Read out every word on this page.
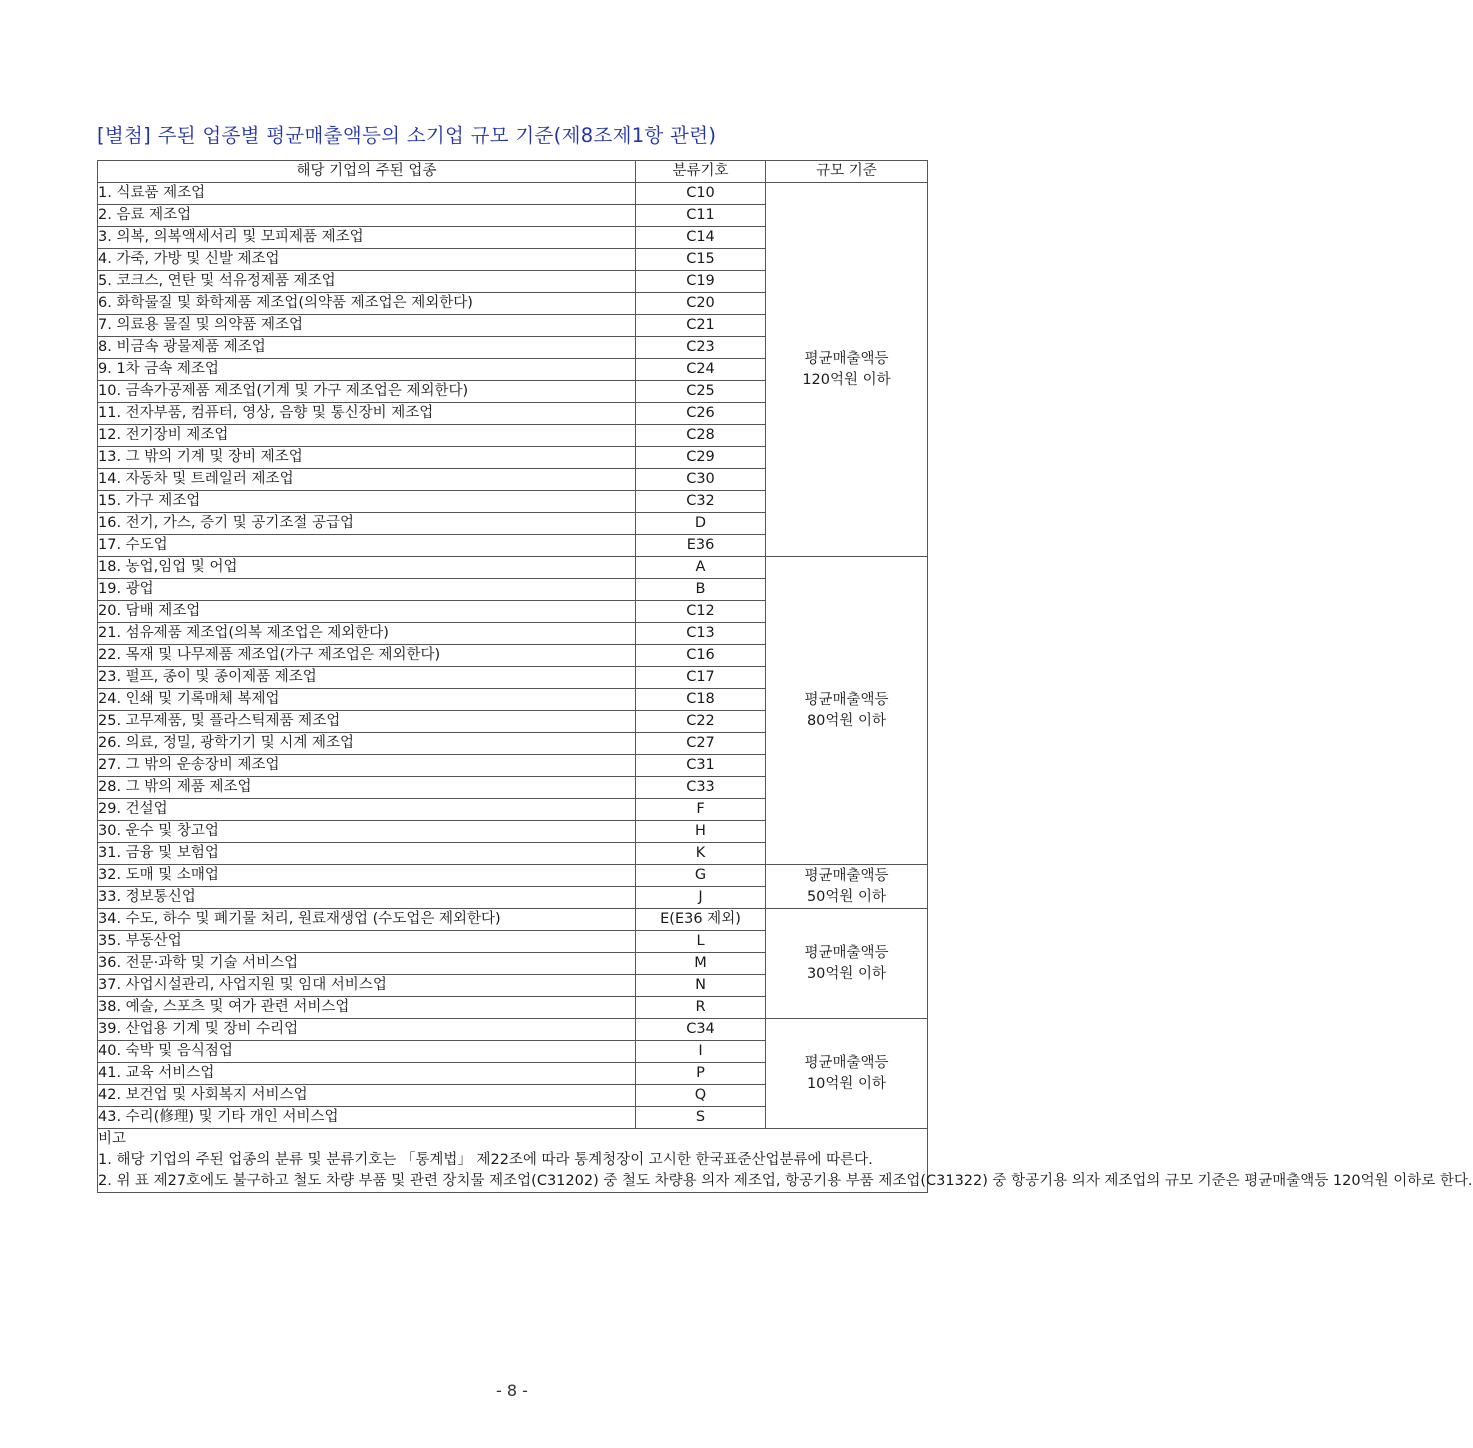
[별첨] 주된 업종별 평균매출액등의 소기업 규모 기준(제8조제1항 관련)
해당 기업의 주된 업종	분류기호	규모 기준
1. 식료품 제조업	C10	평균매출액등
120억원 이하

2. 음료 제조업	C11	
3. 의복, 의복액세서리 및 모피제품 제조업	C14	
4. 가죽, 가방 및 신발 제조업	C15	
5. 코크스, 연탄 및 석유정제품 제조업	C19	
6. 화학물질 및 화학제품 제조업(의약품 제조업은 제외한다)	C20	
7. 의료용 물질 및 의약품 제조업	C21	
8. 비금속 광물제품 제조업	C23	
9. 1차 금속 제조업	C24	
10. 금속가공제품 제조업(기계 및 가구 제조업은 제외한다)	C25	
11. 전자부품, 컴퓨터, 영상, 음향 및 통신장비 제조업	C26	
12. 전기장비 제조업	C28	
13. 그 밖의 기계 및 장비 제조업	C29	
14. 자동차 및 트레일러 제조업	C30	
15. 가구 제조업	C32	
16. 전기, 가스, 증기 및 공기조절 공급업	D	
17. 수도업	E36	
18. 농업,임업 및 어업	A	평균매출액등
80억원 이하

19. 광업	B	
20. 담배 제조업	C12	
21. 섬유제품 제조업(의복 제조업은 제외한다)	C13	
22. 목재 및 나무제품 제조업(가구 제조업은 제외한다)	C16	
23. 펄프, 종이 및 종이제품 제조업	C17	
24. 인쇄 및 기록매체 복제업	C18	
25. 고무제품, 및 플라스틱제품 제조업	C22	
26. 의료, 정밀, 광학기기 및 시계 제조업	C27	
27. 그 밖의 운송장비 제조업	C31	
28. 그 밖의 제품 제조업	C33	
29. 건설업	F	
30. 운수 및 창고업	H	
31. 금융 및 보험업	K	
32. 도매 및 소매업	G	평균매출액등
50억원 이하

33. 정보통신업	J	
34. 수도, 하수 및 폐기물 처리, 원료재생업 (수도업은 제외한다)	E(E36 제외)	평균매출액등
30억원 이하

35. 부동산업	L	
36. 전문·과학 및 기술 서비스업	M	
37. 사업시설관리, 사업지원 및 임대 서비스업	N	
38. 예술, 스포츠 및 여가 관련 서비스업	R	
39. 산업용 기계 및 장비 수리업	C34	평균매출액등
10억원 이하

40. 숙박 및 음식점업	I	
41. 교육 서비스업	P	
42. 보건업 및 사회복지 서비스업	Q	
43. 수리(修理) 및 기타 개인 서비스업	S	

비고
1. 해당 기업의 주된 업종의 분류 및 분류기호는 「통계법」 제22조에 따라 통계청장이 고시한 한국표준산업분류에 따른다.
2. 위 표 제27호에도 불구하고 철도 차량 부품 및 관련 장치물 제조업(C31202) 중 철도 차량용 의자 제조업, 항공기용 부품 제조업(C31322) 중 항공기용 의자 제조업의 규모 기준은 평균매출액등 120억원 이하로 한다.		
- 8 -
